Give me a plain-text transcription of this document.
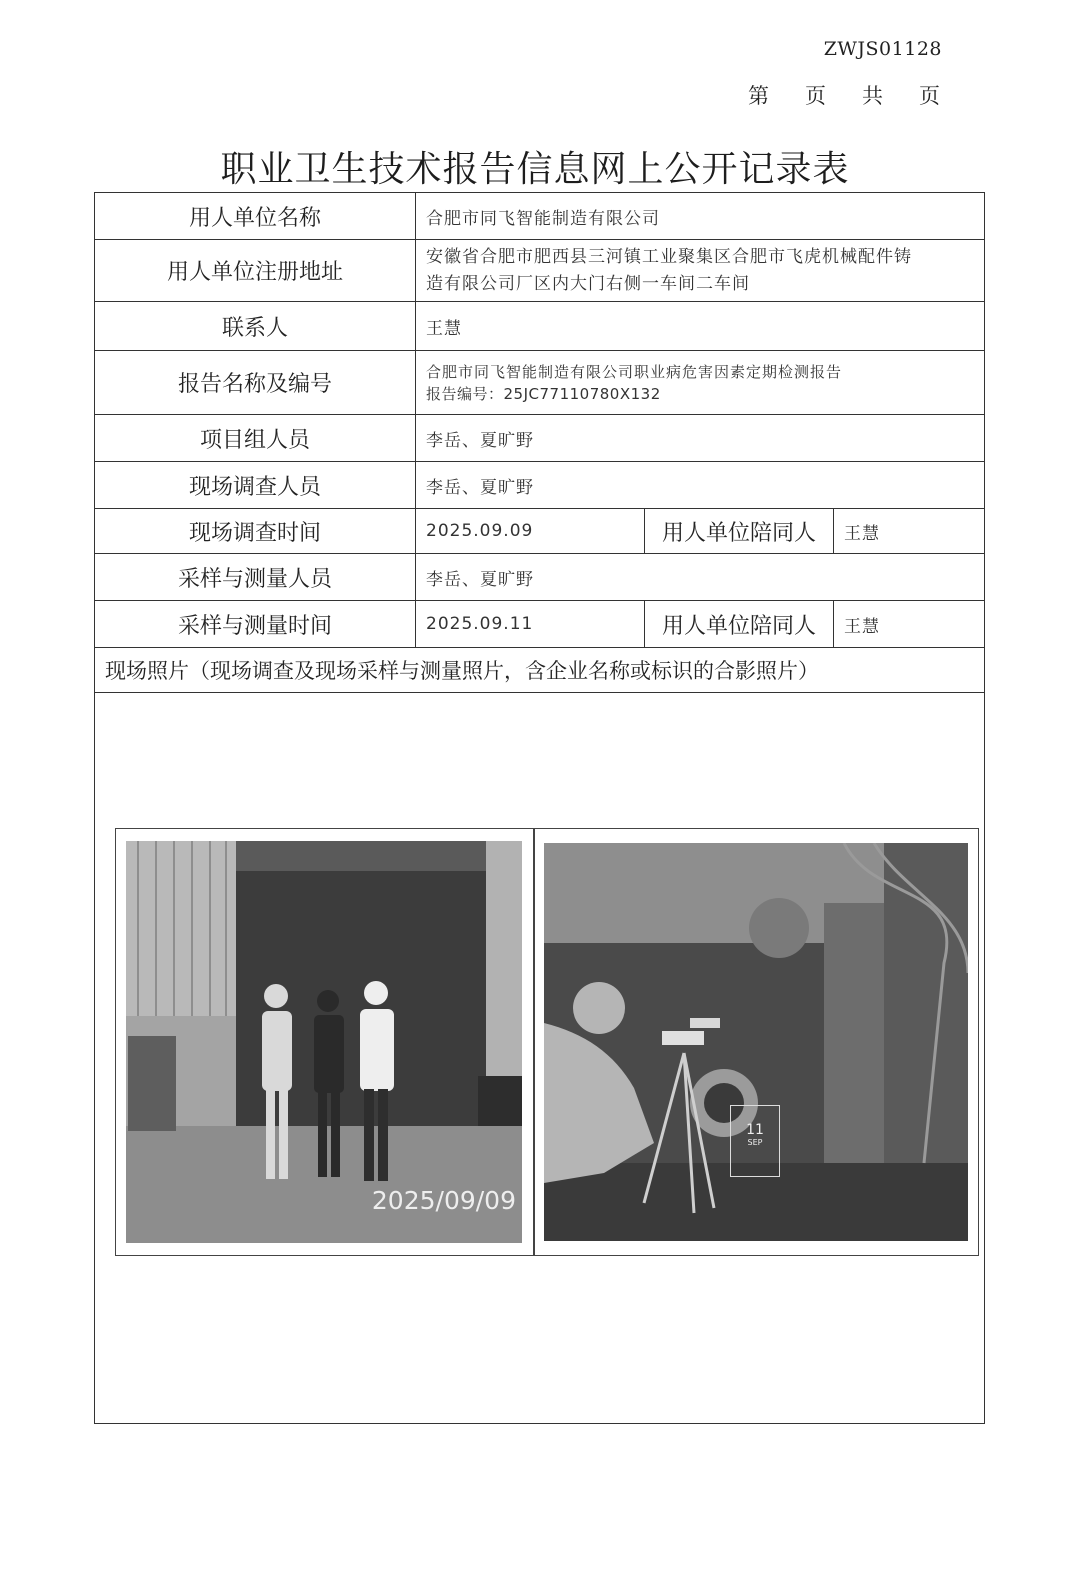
ZWJS01128
第 页 共 页
职业卫生技术报告信息网上公开记录表
用人单位名称	合肥市同飞智能制造有限公司		
用人单位注册地址	安徽省合肥市肥西县三河镇工业聚集区合肥市飞虎机械配件铸
造有限公司厂区内大门右侧一车间二车间		

联系人	王慧		
报告名称及编号	合肥市同飞智能制造有限公司职业病危害因素定期检测报告
报告编号：25JC77110780X132		

项目组人员	李岳、夏旷野		
现场调查人员	李岳、夏旷野		
现场调查时间	2025.09.09	用人单位陪同人	王慧
采样与测量人员	李岳、夏旷野		
采样与测量时间	2025.09.11	用人单位陪同人	王慧
现场照片（现场调查及现场采样与测量照片，含企业名称或标识的合影照片）			

2025/09/09
11
SEP			
